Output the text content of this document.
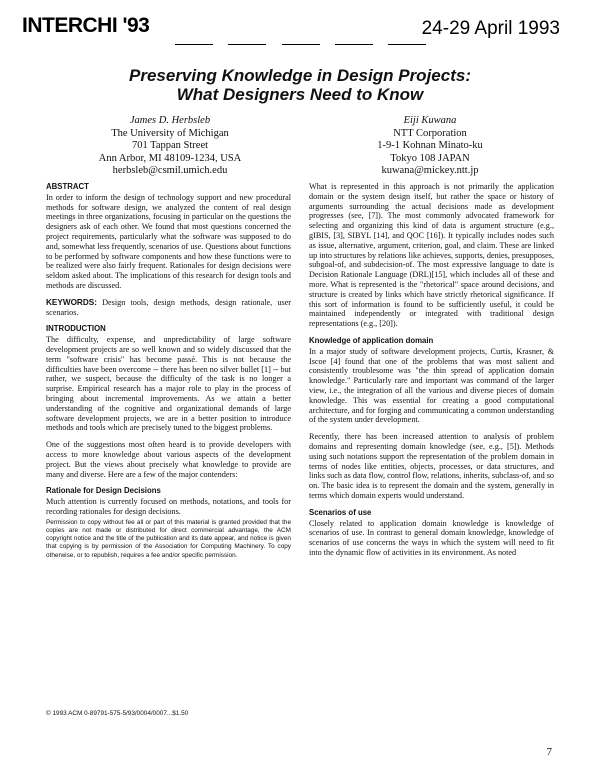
INTERCHI '93	24-29 April 1993
Preserving Knowledge in Design Projects:
What Designers Need to Know
James D. Herbsleb
The University of Michigan
701 Tappan Street
Ann Arbor, MI 48109-1234, USA
herbsleb@csmil.umich.edu
Eiji Kuwana
NTT Corporation
1-9-1 Kohnan Minato-ku
Tokyo 108 JAPAN
kuwana@mickey.ntt.jp
ABSTRACT

In order to inform the design of technology support and new procedural methods for software design, we analyzed the content of real design meetings in three organizations, focusing in particular on the questions the designers ask of each other. We found that most questions concerned the project requirements, particularly what the software was supposed to do and, somewhat less frequently, scenarios of use. Questions about functions to be performed by software components and how these functions were to be realized were also fairly frequent. Rationales for design decisions were seldom asked about. The implications of this research for design tools and methods are discussed.

KEYWORDS: Design tools, design methods, design rationale, user scenarios.

INTRODUCTION

The difficulty, expense, and unpredictability of large software development projects are so well known and so widely discussed that the term "software crisis" has become passé. This is not because the difficulties have been overcome -- there has been no silver bullet [1] -- but rather, we suspect, because the difficulty of the task is no longer a surprise. Empirical research has a major role to play in the process of bringing about incremental improvements. As we attain a better understanding of the cognitive and organizational demands of large software development projects, we are in a better position to introduce methods and tools which are precisely tuned to the biggest problems.

One of the suggestions most often heard is to provide developers with access to more knowledge about various aspects of the development project. But the views about precisely what knowledge to provide are many and diverse. Here are a few of the major contenders:

Rationale for Design Decisions

Much attention is currently focused on methods, notations, and tools for recording rationales for design decisions.

Permission to copy without fee all or part of this material is granted provided that the copies are not made or distributed for direct commercial advantage, the ACM copyright notice and the title of the publication and its date appear, and notice is given that copying is by permission of the Association for Computing Machinery. To copy otherwise, or to republish, requires a fee and/or specific permission.

© 1993 ACM 0-89791-575-5/93/0004/0007...$1.50

What is represented in this approach is not primarily the application domain or the system design itself, but rather the space or history of arguments surrounding the actual decisions made as development progresses (see, [7]). The most commonly advocated framework for selecting and organizing this kind of data is argument structure (e.g., gIBIS, [3], SIBYL [14], and QOC [16]). It typically includes nodes such as issue, alternative, argument, criterion, goal, and claim. These are linked up into structures by relations like achieves, supports, denies, presupposes, subgoal-of, and subdecision-of. The most expressive language to date is Decision Rationale Language (DRL)[15], which includes all of these and more. What is represented is the "rhetorical" space around decisions, and structure is created by links which have strictly rhetorical significance. If this sort of information is found to be sufficiently useful, it could be maintained independently or integrated with traditional design representations (e.g., [20]).

Knowledge of application domain

In a major study of software development projects, Curtis, Krasner, & Iscoe [4] found that one of the problems that was most salient and consistently troublesome was "the thin spread of application domain knowledge." Particularly rare and important was command of the larger view, i.e., the integration of all the various and diverse pieces of domain knowledge. This was essential for creating a good computational architecture, and for forging and communicating a common understanding of the system under development.

Recently, there has been increased attention to analysis of problem domains and representing domain knowledge (see, e.g., [5]). Methods using such notations support the representation of the problem domain in terms of nodes like entities, objects, processes, or data structures, and links such as data flow, control flow, relations, inherits, subclass-of, and so on. The basic idea is to represent the domain and the system, generally in terms which domain experts would understand.

Scenarios of use

Closely related to application domain knowledge is knowledge of scenarios of use. In contrast to general domain knowledge, knowledge of scenarios of use concerns the ways in which the system will need to fit into the dynamic flow of activities in its environment. As noted

7
